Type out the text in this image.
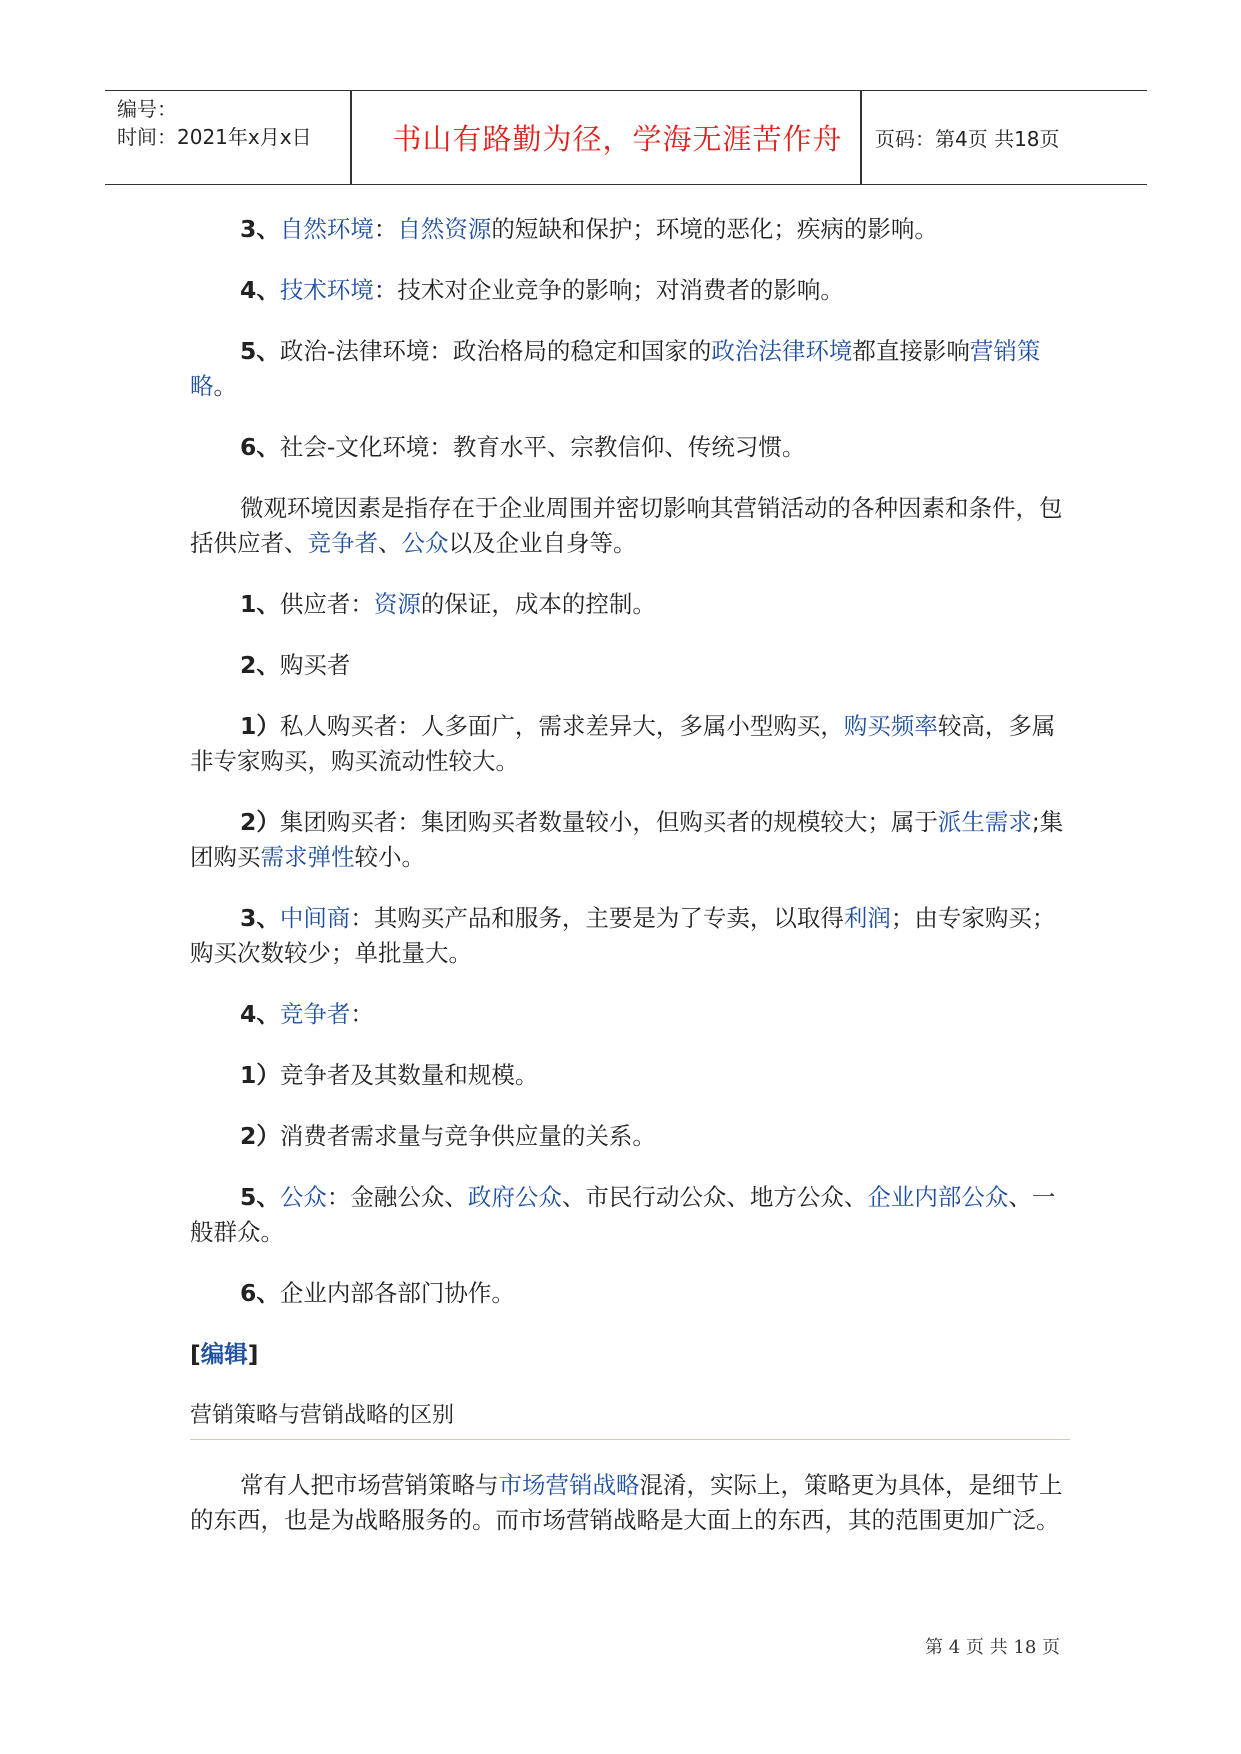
编号：
时间：2021年x月x日	书山有路勤为径，学海无涯苦作舟 页码：第4页 共18页

3、自然环境：自然资源的短缺和保护；环境的恶化；疾病的影响。

4、技术环境：技术对企业竞争的影响；对消费者的影响。

5、政治-法律环境：政治格局的稳定和国家的政治法律环境都直接影响营销策略。

6、社会-文化环境：教育水平、宗教信仰、传统习惯。

微观环境因素是指存在于企业周围并密切影响其营销活动的各种因素和条件，包括供应者、竞争者、公众以及企业自身等。

1、供应者：资源的保证，成本的控制。

2、购买者

1）私人购买者：人多面广，需求差异大，多属小型购买，购买频率较高，多属非专家购买，购买流动性较大。

2）集团购买者：集团购买者数量较小，但购买者的规模较大；属于派生需求;集团购买需求弹性较小。

3、中间商：其购买产品和服务，主要是为了专卖，以取得利润；由专家购买；购买次数较少；单批量大。

4、竞争者：

1）竞争者及其数量和规模。

2）消费者需求量与竞争供应量的关系。

5、公众：金融公众、政府公众、市民行动公众、地方公众、企业内部公众、一般群众。

6、企业内部各部门协作。

[编辑]

营销策略与营销战略的区别

常有人把市场营销策略与市场营销战略混淆，实际上，策略更为具体，是细节上的东西，也是为战略服务的。而市场营销战略是大面上的东西，其的范围更加广泛。

第 4 页 共 18 页
